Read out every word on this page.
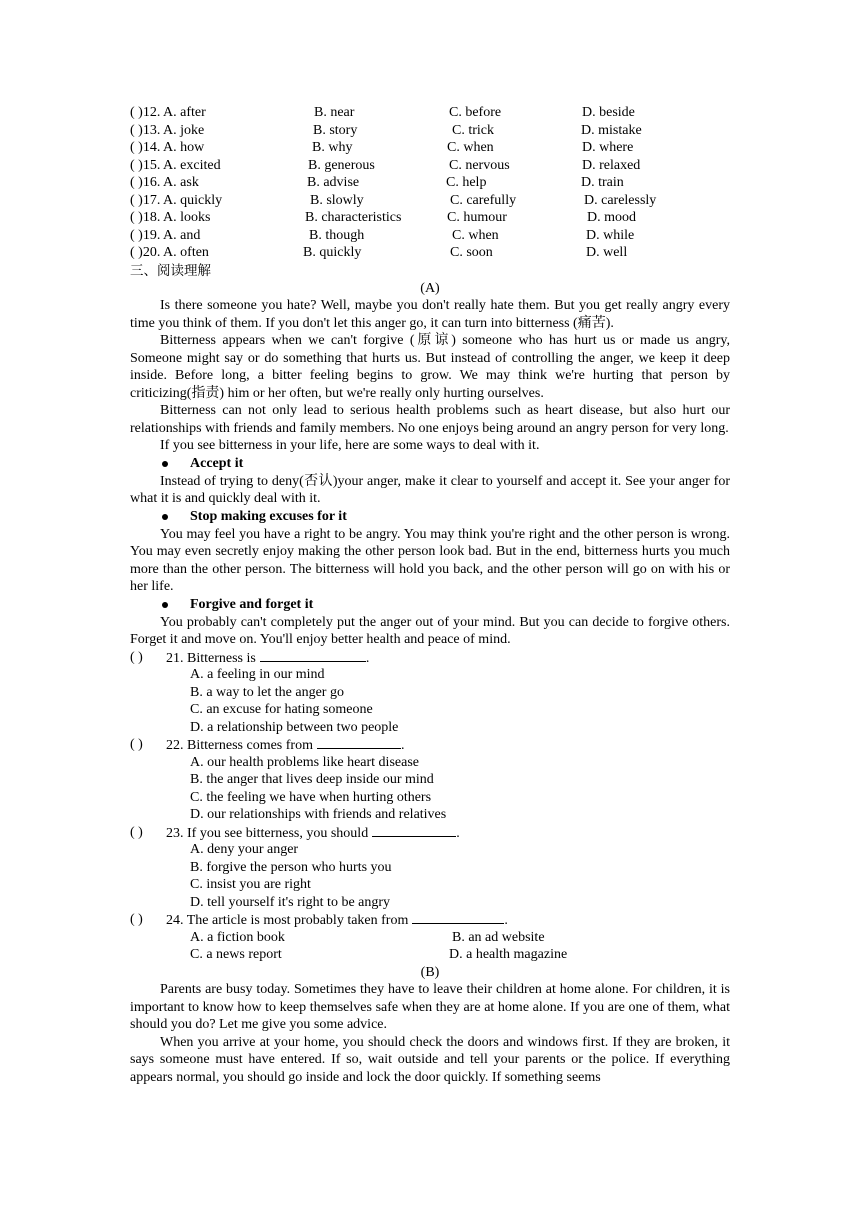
( )12. A. after	B. near	C. before	D. beside
( )13. A. joke	B. story	C. trick	D. mistake
( )14. A. how	B. why	C. when	D. where
( )15. A. excited	B. generous	C. nervous	D. relaxed
( )16. A. ask	B. advise	C. help	D. train
( )17. A. quickly	B. slowly	C. carefully	D. carelessly
( )18. A. looks	B. characteristics	C. humour	D. mood
( )19. A. and	B. though	C. when	D. while
( )20. A. often	B. quickly	C. soon	D. well
三、阅读理解
(A)

Is there someone you hate? Well, maybe you don't really hate them. But you get really angry every time you think of them. If you don't let this anger go, it can turn into bitterness (痛苦).

Bitterness appears when we can't forgive (原谅) someone who has hurt us or made us angry, Someone might say or do something that hurts us. But instead of controlling the anger, we keep it deep inside. Before long, a bitter feeling begins to grow. We may think we're hurting that person by criticizing(指责) him or her often, but we're really only hurting ourselves.

Bitterness can not only lead to serious health problems such as heart disease, but also hurt our relationships with friends and family members. No one enjoys being around an angry person for very long.

If you see bitterness in your life, here are some ways to deal with it.

Accept it

Instead of trying to deny(否认)your anger, make it clear to yourself and accept it. See your anger for what it is and quickly deal with it.

Stop making excuses for it

You may feel you have a right to be angry. You may think you're right and the other person is wrong. You may even secretly enjoy making the other person look bad. But in the end, bitterness hurts you much more than the other person. The bitterness will hold you back, and the other person will go on with his or her life.

Forgive and forget it

You probably can't completely put the anger out of your mind. But you can decide to forgive others. Forget it and move on. You'll enjoy better health and peace of mind.

( ) 21. Bitterness is	.
A. a feeling in our mind
B. a way to let the anger go
C. an excuse for hating someone
D. a relationship between two people
( ) 22. Bitterness comes from	.
A. our health problems like heart disease
B. the anger that lives deep inside our mind
C. the feeling we have when hurting others
D. our relationships with friends and relatives
( ) 23. If you see bitterness, you should	.
A. deny your anger
B. forgive the person who hurts you
C. insist you are right
D. tell yourself it's right to be angry
( ) 24. The article is most probably taken from	.
A. a fiction book	B. an ad website
C. a news report	D. a health magazine
(B)

Parents are busy today. Sometimes they have to leave their children at home alone. For children, it is important to know how to keep themselves safe when they are at home alone. If you are one of them, what should you do? Let me give you some advice.

When you arrive at your home, you should check the doors and windows first. If they are broken, it says someone must have entered. If so, wait outside and tell your parents or the police. If everything appears normal, you should go inside and lock the door quickly. If something seems
